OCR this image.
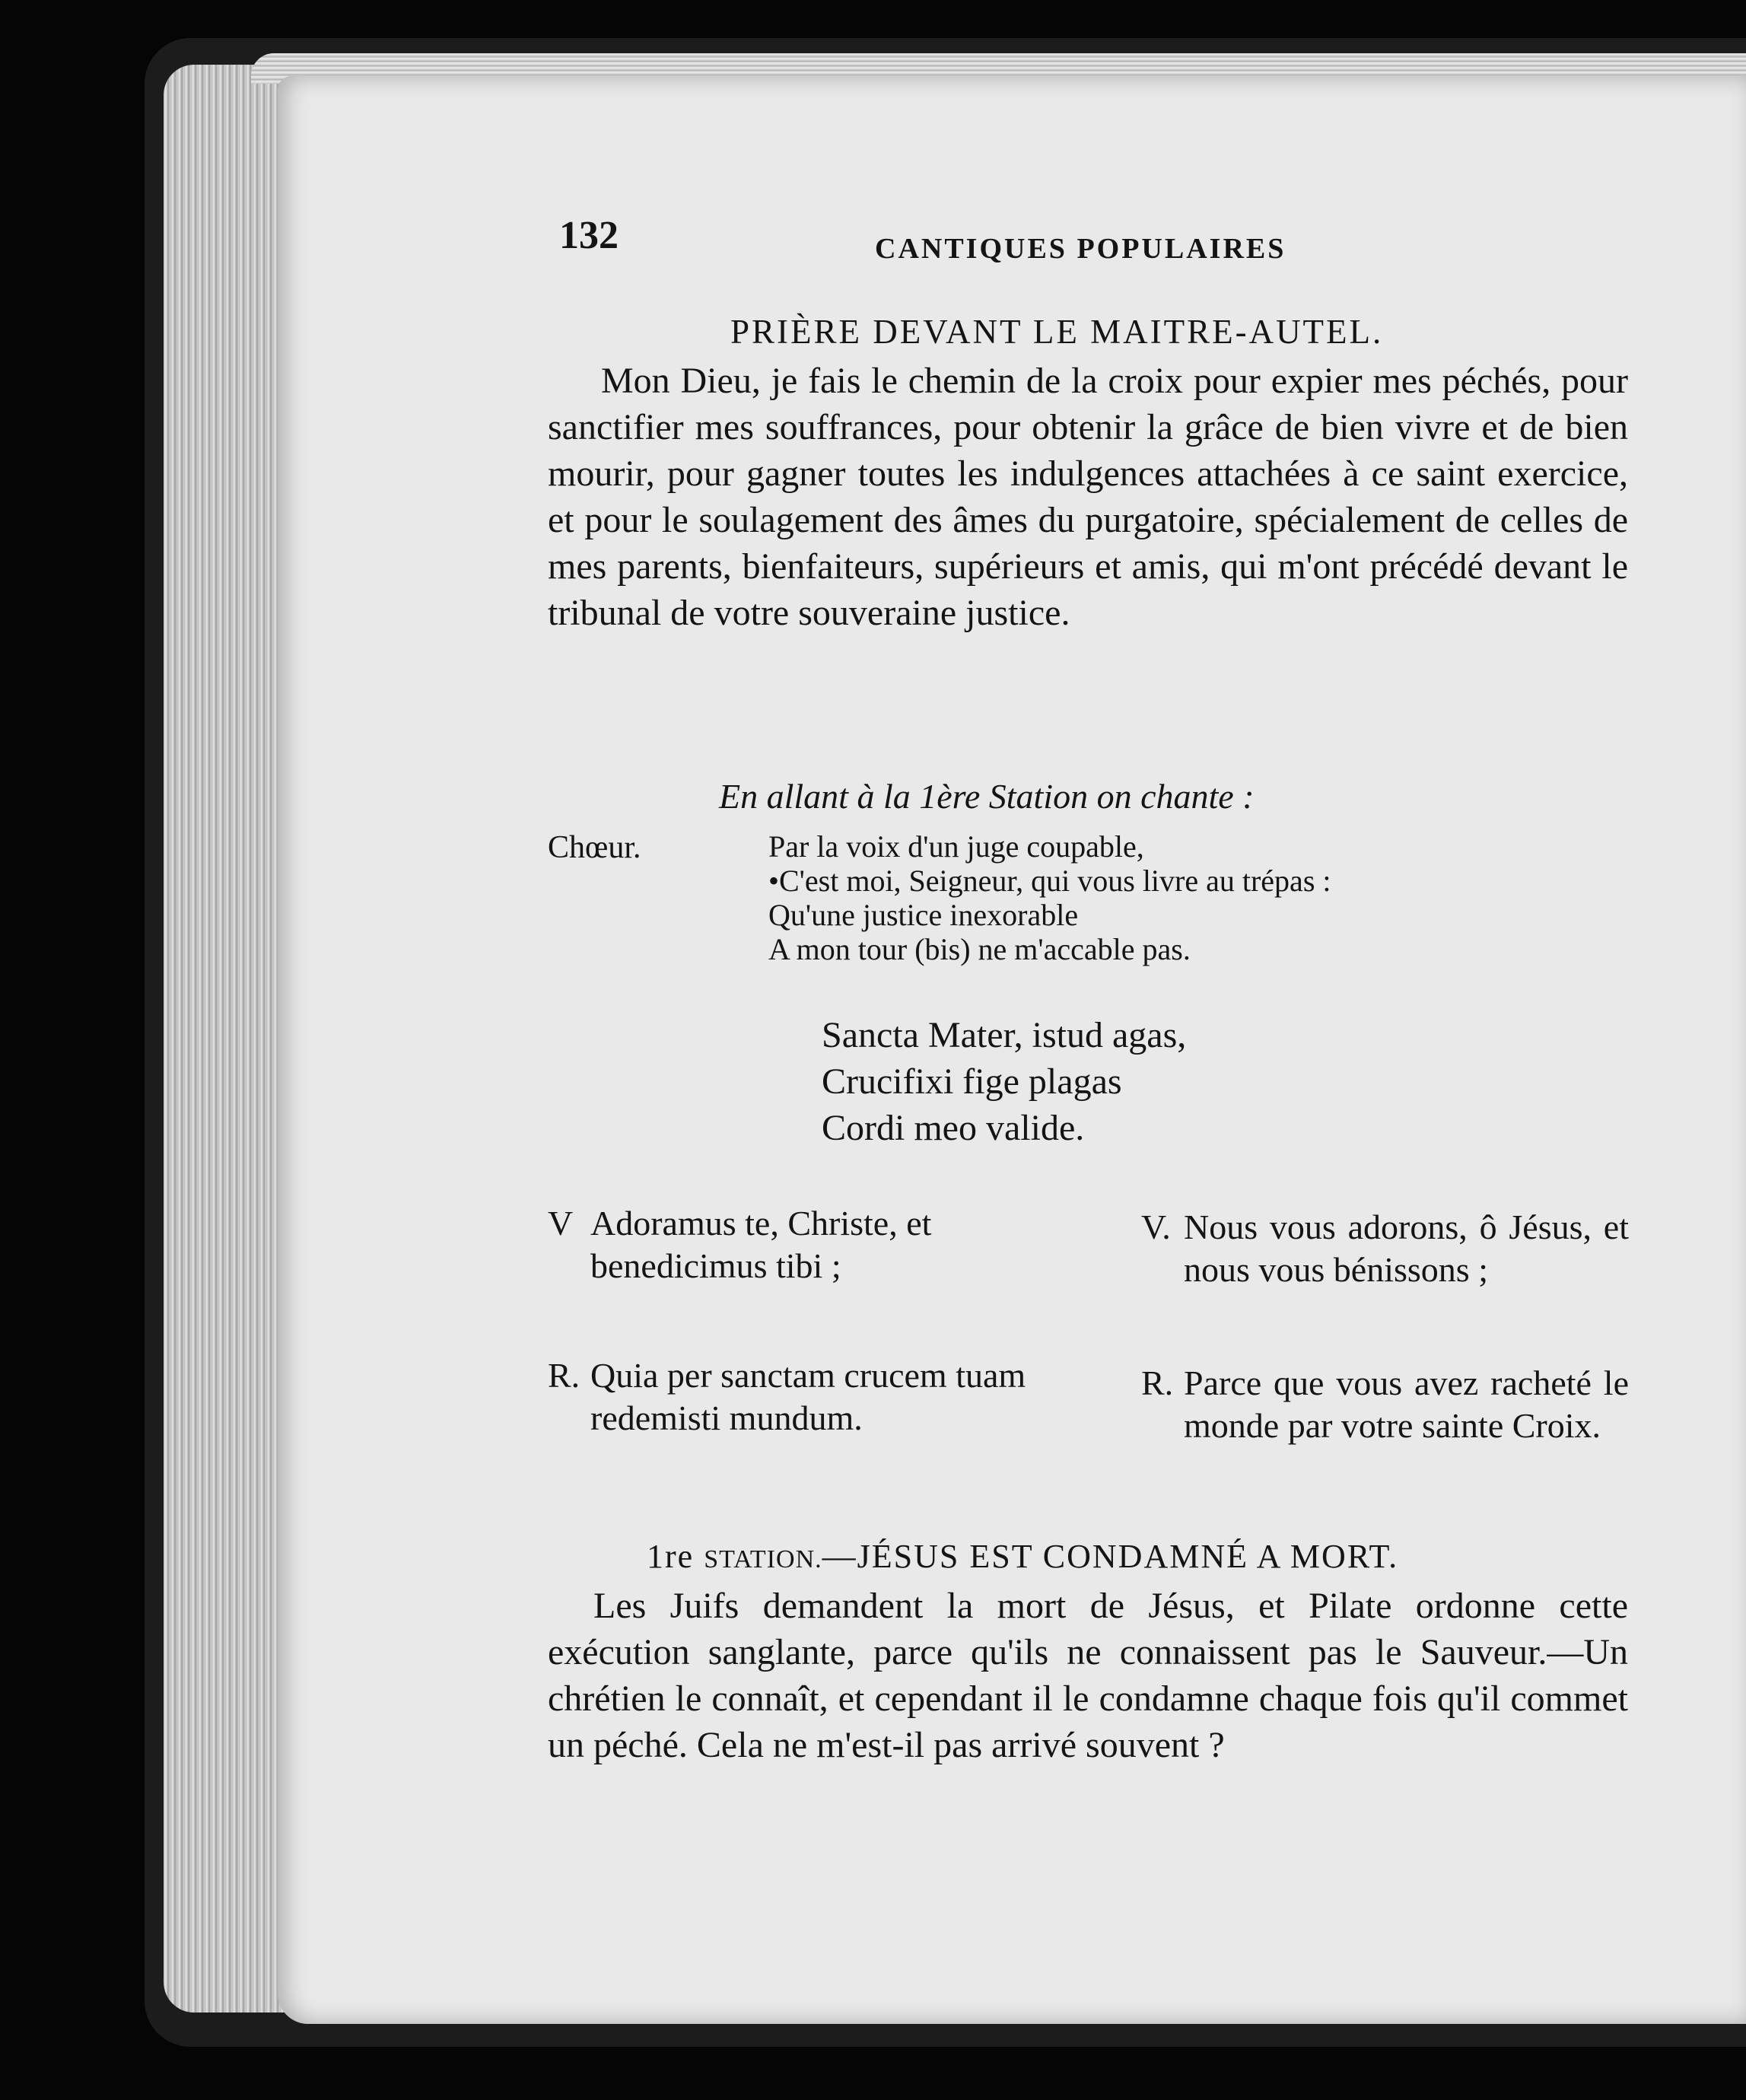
132	CANTIQUES POPULAIRES
PRIÈRE DEVANT LE MAITRE-AUTEL.
Mon Dieu, je fais le chemin de la croix pour expier mes péchés, pour sanctifier mes souffrances, pour obtenir la grâce de bien vivre et de bien mourir, pour gagner toutes les indulgences attachées à ce saint exercice, et pour le soulagement des âmes du purgatoire, spécialement de celles de mes parents, bienfaiteurs, supérieurs et amis, qui m'ont précédé devant le tribunal de votre souveraine justice.
En allant à la 1ère Station on chante :
Chœur.	Par la voix d'un juge coupable,
•C'est moi, Seigneur, qui vous livre au trépas :
Qu'une justice inexorable
A mon tour (bis) ne m'accable pas.
Sancta Mater, istud agas,
Crucifixi fige plagas
Cordi meo valide.
V Adoramus te, Christe, et benedicimus tibi ;
V. Nous vous adorons, ô Jésus, et nous vous bénissons ;
R. Quia per sanctam crucem tuam redemisti mundum.
R. Parce que vous avez racheté le monde par votre sainte Croix.
1re STATION.—JÉSUS EST CONDAMNÉ A MORT.
Les Juifs demandent la mort de Jésus, et Pilate ordonne cette exécution sanglante, parce qu'ils ne connaissent pas le Sauveur.—Un chrétien le connaît, et cependant il le condamne chaque fois qu'il commet un péché. Cela ne m'est-il pas arrivé souvent ?
